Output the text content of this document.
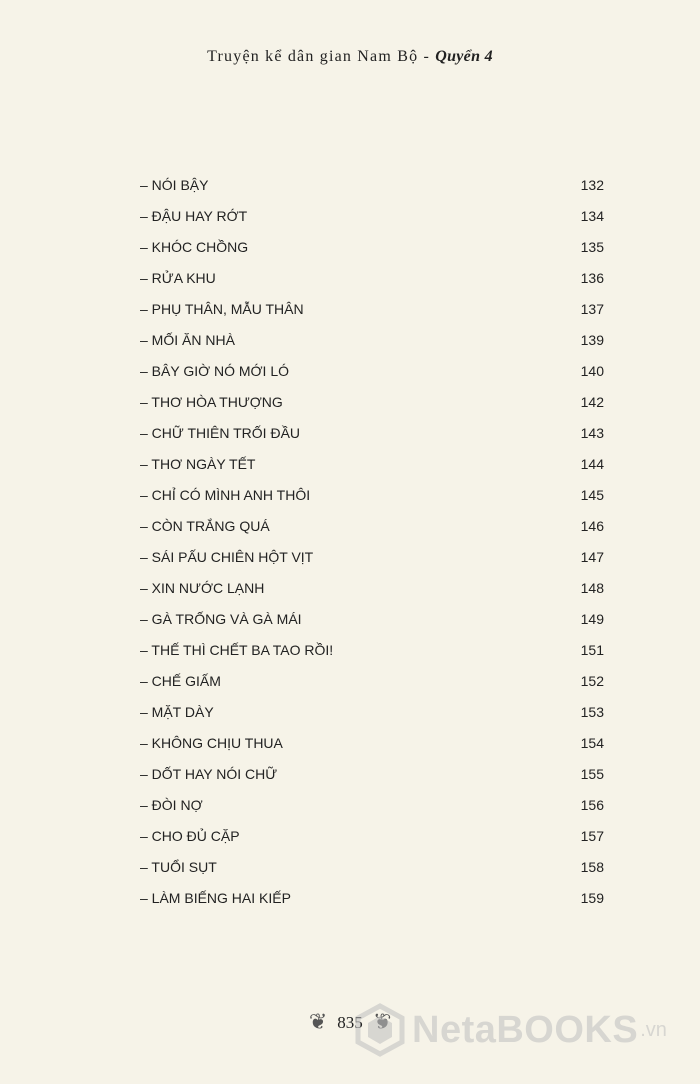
Truyện kể dân gian Nam Bộ - Quyển 4
– NÓI BẬY	132
– ĐẬU HAY RỚT	134
– KHÓC CHỒNG	135
– RỬA KHU	136
– PHỤ THÂN, MẪU THÂN	137
– MỐI ĂN NHÀ	139
– BÂY GIỜ NÓ MỚI LÓ	140
– THƠ HÒA THƯỢNG	142
– CHỮ THIÊN TRỐI ĐẦU	143
– THƠ NGÀY TẾT	144
– CHỈ CÓ MÌNH ANH THÔI	145
– CÒN TRẮNG QUÁ	146
– SÁI PẤU CHIÊN HỘT VỊT	147
– XIN NƯỚC LẠNH	148
– GÀ TRỐNG VÀ GÀ MÁI	149
– THẾ THÌ CHẾT BA TAO RỒI!	151
– CHẾ GIẤM	152
– MẶT DÀY	153
– KHÔNG CHỊU THUA	154
– DỐT HAY NÓI CHỮ	155
– ĐÒI NỢ	156
– CHO ĐỦ CẶP	157
– TUỔI SỤT	158
– LÀM BIẾNG HAI KIẾP	159
❦ 835 NetaBOOKS .vn
